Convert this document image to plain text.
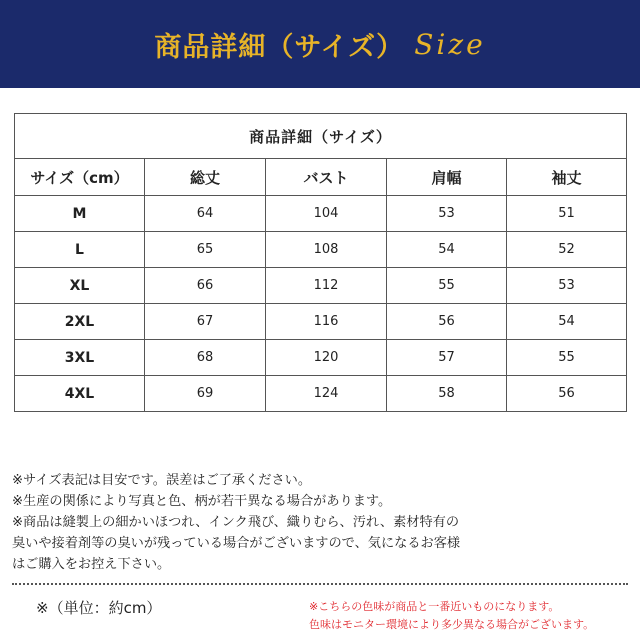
商品詳細（サイズ） Size
商品詳細（サイズ）				
サイズ（cm）	総丈	バスト	肩幅	袖丈
M	64	104	53	51
L	65	108	54	52
XL	66	112	55	53
2XL	67	116	56	54
3XL	68	120	57	55
4XL	69	124	58	56
※サイズ表記は目安です。誤差はご了承ください。
※生産の関係により写真と色、柄が若干異なる場合があります。
※商品は縫製上の細かいほつれ、インク飛び、織りむら、汚れ、素材特有の
臭いや接着剤等の臭いが残っている場合がございますので、気になるお客様
はご購入をお控え下さい。
※（単位：約cm）	※こちらの色味が商品と一番近いものになります。
色味はモニター環境により多少異なる場合がございます。
